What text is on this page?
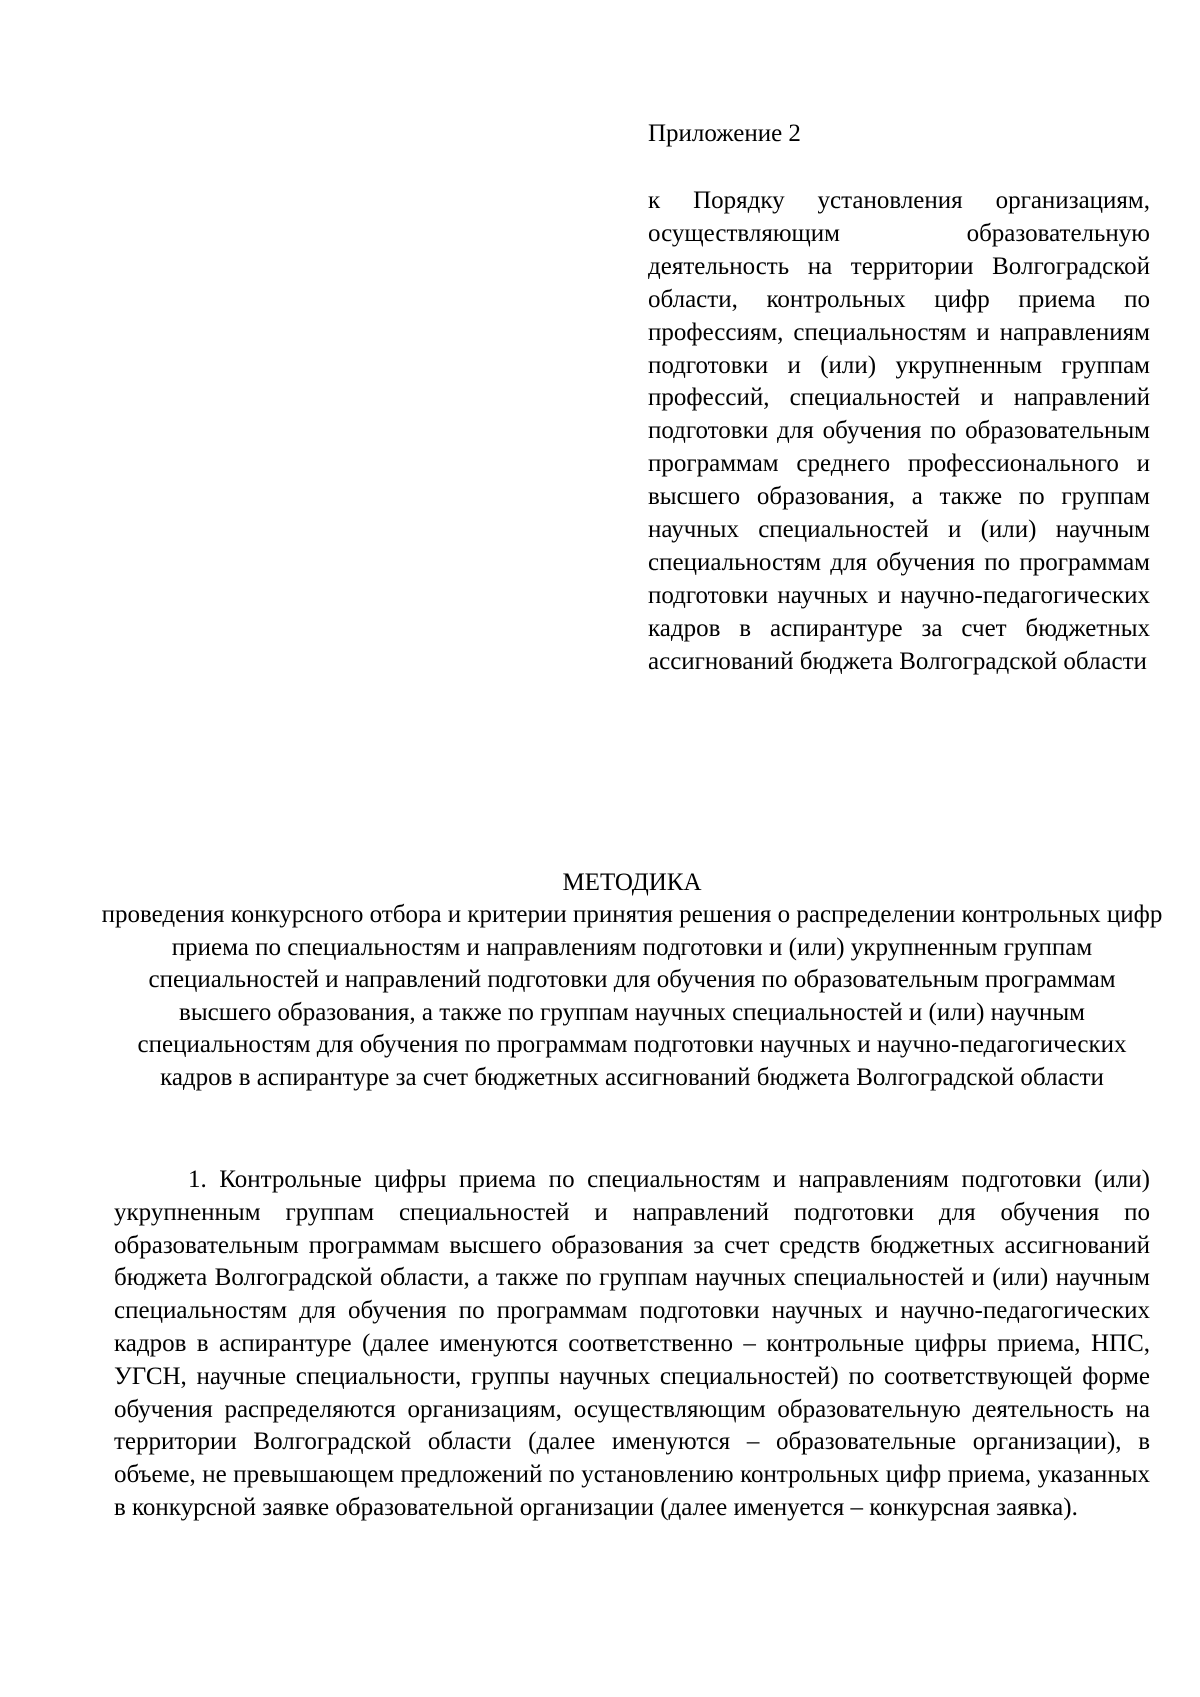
Приложение 2
к Порядку установления организациям, осуществляющим образовательную деятельность на территории Волгоградской области, контрольных цифр приема по профессиям, специальностям и направлениям подготовки и (или) укрупненным группам профессий, специальностей и направлений подготовки для обучения по образовательным программам среднего профессионального и высшего образования, а также по группам научных специальностей и (или) научным специальностям для обучения по программам подготовки научных и научно-педагогических кадров в аспирантуре за счет бюджетных ассигнований бюджета Волгоградской области
МЕТОДИКА
проведения конкурсного отбора и критерии принятия решения о распределении контрольных цифр приема по специальностям и направлениям подготовки и (или) укрупненным группам специальностей и направлений подготовки для обучения по образовательным программам высшего образования, а также по группам научных специальностей и (или) научным специальностям для обучения по программам подготовки научных и научно-педагогических кадров в аспирантуре за счет бюджетных ассигнований бюджета Волгоградской области
1. Контрольные цифры приема по специальностям и направлениям подготовки (или) укрупненным группам специальностей и направлений подготовки для обучения по образовательным программам высшего образования за счет средств бюджетных ассигнований бюджета Волгоградской области, а также по группам научных специальностей и (или) научным специальностям для обучения по программам подготовки научных и научно-педагогических кадров в аспирантуре (далее именуются соответственно – контрольные цифры приема, НПС, УГСН, научные специальности, группы научных специальностей) по соответствующей форме обучения распределяются организациям, осуществляющим образовательную деятельность на территории Волгоградской области (далее именуются – образовательные организации), в объеме, не превышающем предложений по установлению контрольных цифр приема, указанных в конкурсной заявке образовательной организации (далее именуется – конкурсная заявка).
